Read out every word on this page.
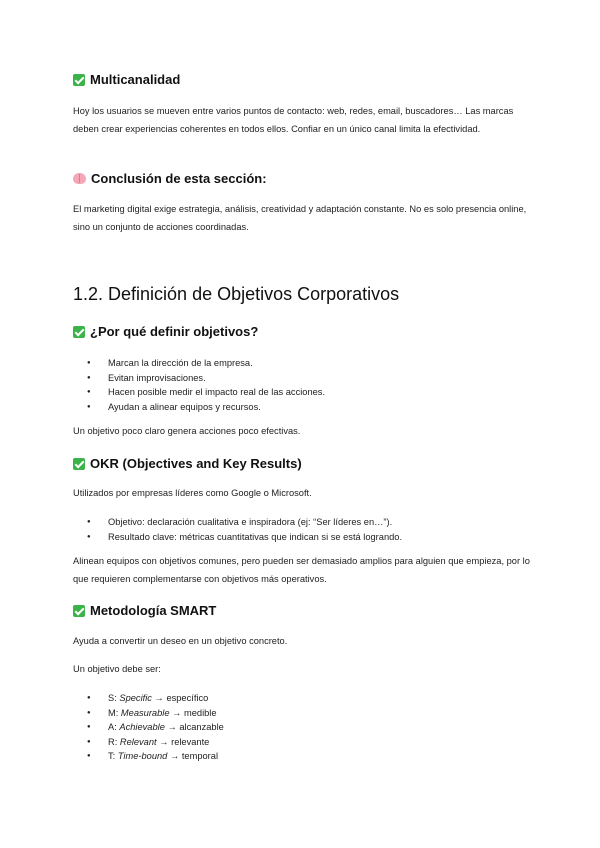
Multicanalidad
Hoy los usuarios se mueven entre varios puntos de contacto: web, redes, email, buscadores… Las marcas deben crear experiencias coherentes en todos ellos. Confiar en un único canal limita la efectividad.
Conclusión de esta sección:
El marketing digital exige estrategia, análisis, creatividad y adaptación constante. No es solo presencia online, sino un conjunto de acciones coordinadas.
1.2. Definición de Objetivos Corporativos
¿Por qué definir objetivos?
● Marcan la dirección de la empresa.
● Evitan improvisaciones.
● Hacen posible medir el impacto real de las acciones.
● Ayudan a alinear equipos y recursos.
Un objetivo poco claro genera acciones poco efectivas.
OKR (Objectives and Key Results)
Utilizados por empresas líderes como Google o Microsoft.
● Objetivo: declaración cualitativa e inspiradora (ej: “Ser líderes en…”).
● Resultado clave: métricas cuantitativas que indican si se está logrando.
Alinean equipos con objetivos comunes, pero pueden ser demasiado amplios para alguien que empieza, por lo que requieren complementarse con objetivos más operativos.
Metodología SMART
Ayuda a convertir un deseo en un objetivo concreto.
Un objetivo debe ser:
● S: Specific → específico
● M: Measurable → medible
● A: Achievable → alcanzable
● R: Relevant → relevante
● T: Time-bound → temporal
